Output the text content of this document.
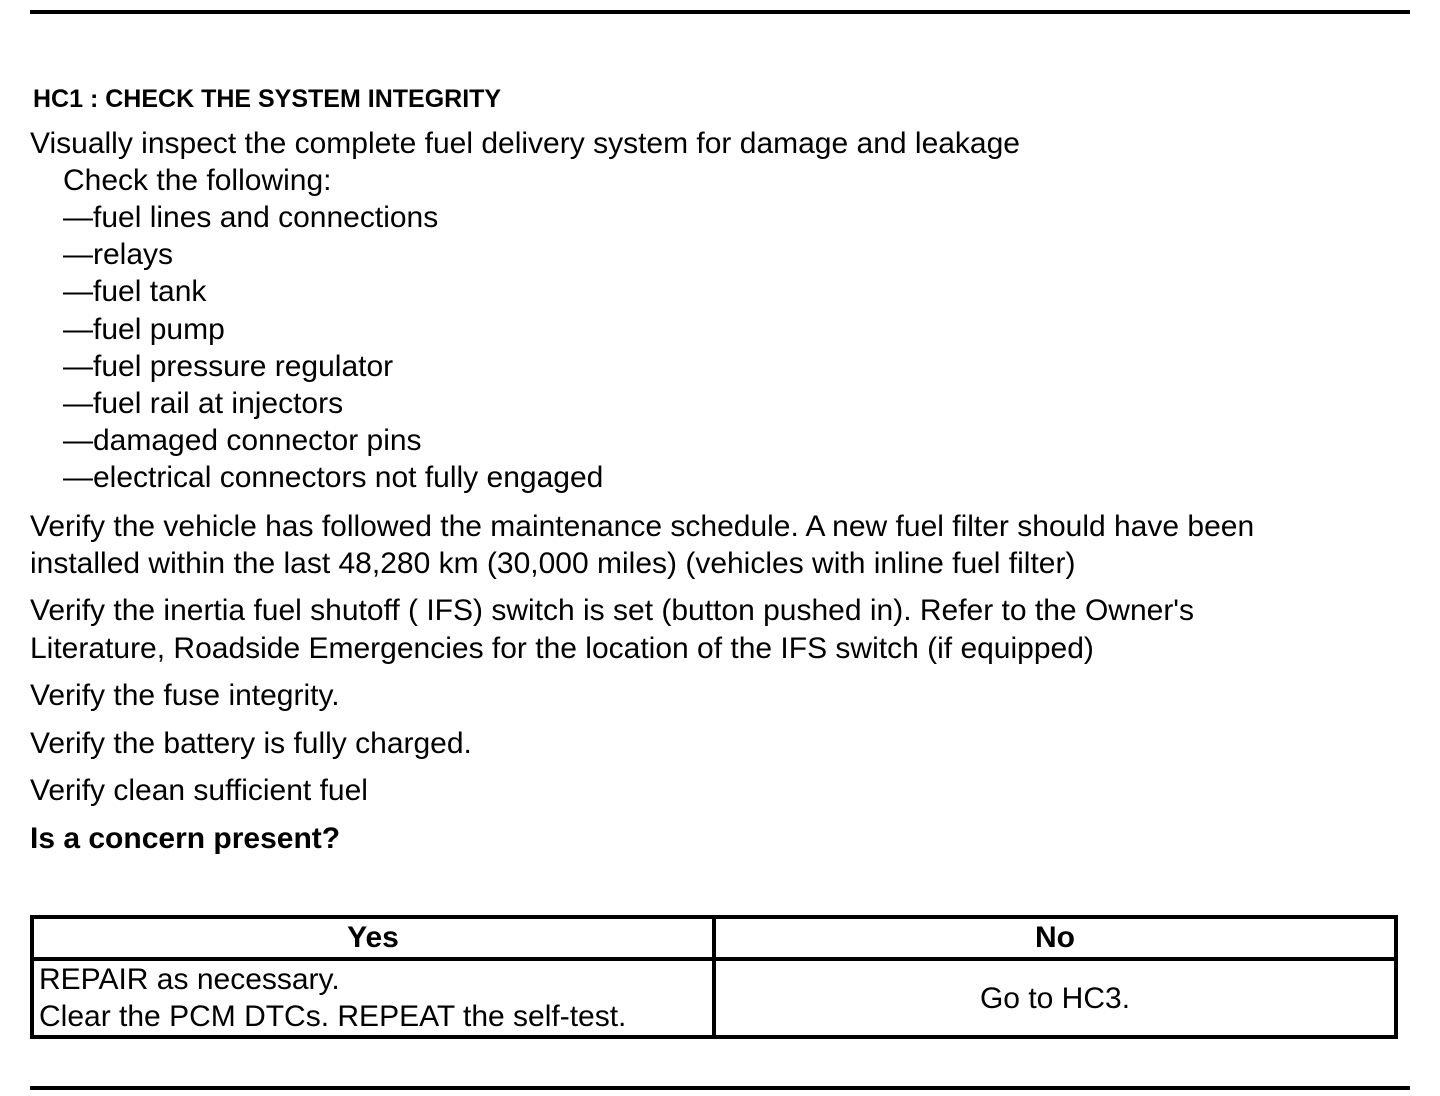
HC1 : CHECK THE SYSTEM INTEGRITY
Visually inspect the complete fuel delivery system for damage and leakage
Check the following:
—fuel lines and connections
—relays
—fuel tank
—fuel pump
—fuel pressure regulator
—fuel rail at injectors
—damaged connector pins
—electrical connectors not fully engaged
Verify the vehicle has followed the maintenance schedule. A new fuel filter should have been
installed within the last 48,280 km (30,000 miles) (vehicles with inline fuel filter)
Verify the inertia fuel shutoff ( IFS) switch is set (button pushed in). Refer to the Owner's
Literature, Roadside Emergencies for the location of the IFS switch (if equipped)
Verify the fuse integrity.
Verify the battery is fully charged.
Verify clean sufficient fuel
Is a concern present?
Yes	No

REPAIR as necessary.
Clear the PCM DTCs. REPEAT the self-test.	Go to HC3.
